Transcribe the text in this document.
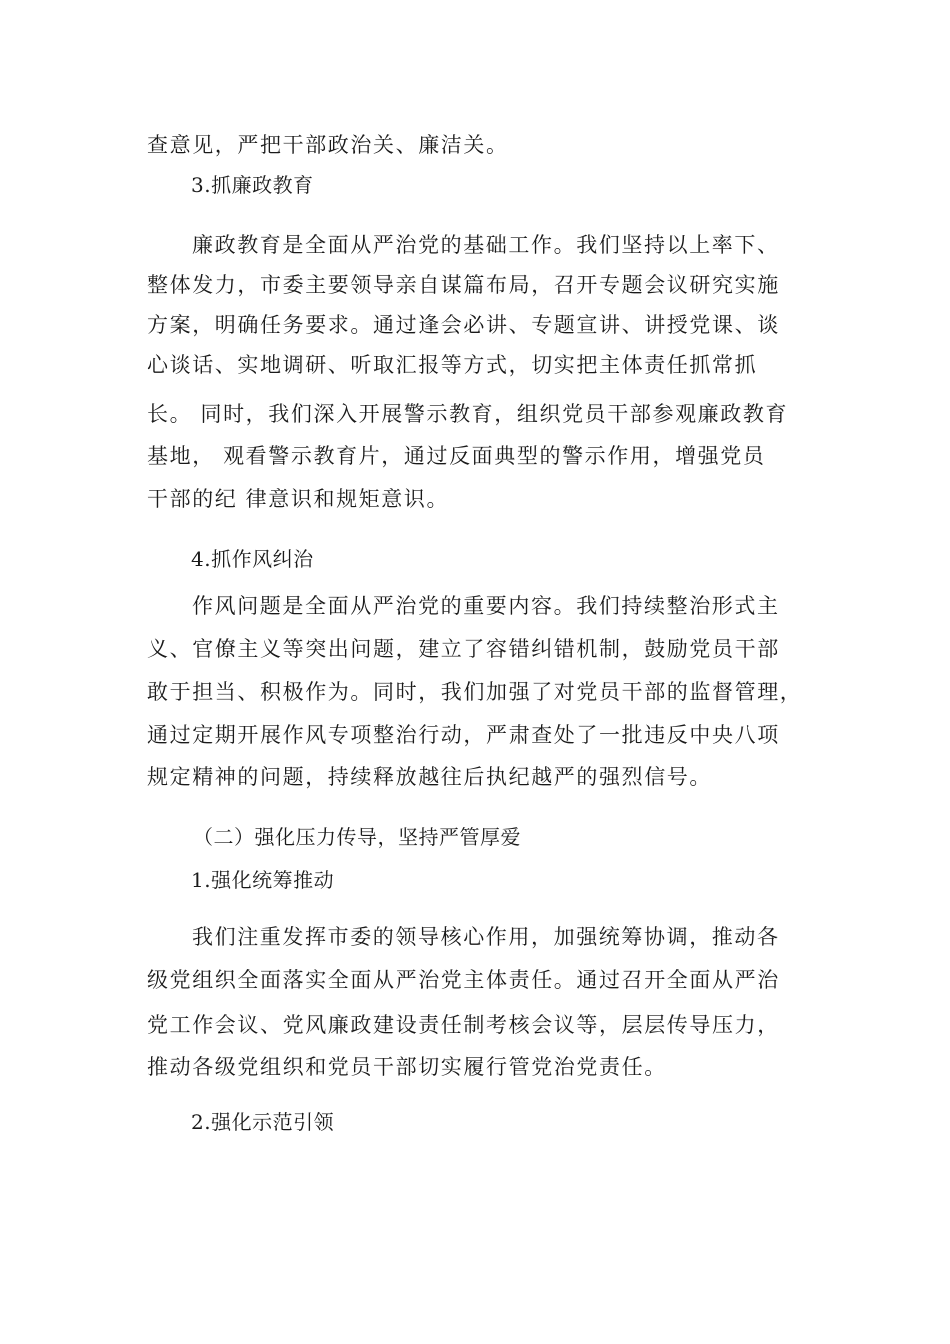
查意见，严把干部政治关、廉洁关。
3.抓廉政教育
廉政教育是全面从严治党的基础工作。我们坚持以上率下、
整体发力，市委主要领导亲自谋篇布局，召开专题会议研究实施
方案，明确任务要求。通过逢会必讲、专题宣讲、讲授党课、谈
心谈话、实地调研、听取汇报等方式，切实把主体责任抓常抓
长。 同时，我们深入开展警示教育，组织党员干部参观廉政教育
基地， 观看警示教育片，通过反面典型的警示作用，增强党员
干部的纪 律意识和规矩意识。
4.抓作风纠治
作风问题是全面从严治党的重要内容。我们持续整治形式主
义、官僚主义等突出问题，建立了容错纠错机制，鼓励党员干部
敢于担当、积极作为。同时，我们加强了对党员干部的监督管理，
通过定期开展作风专项整治行动，严肃查处了一批违反中央八项
规定精神的问题，持续释放越往后执纪越严的强烈信号。
（二）强化压力传导，坚持严管厚爱
1.强化统筹推动
我们注重发挥市委的领导核心作用，加强统筹协调，推动各
级党组织全面落实全面从严治党主体责任。通过召开全面从严治
党工作会议、党风廉政建设责任制考核会议等，层层传导压力，
推动各级党组织和党员干部切实履行管党治党责任。
2.强化示范引领
